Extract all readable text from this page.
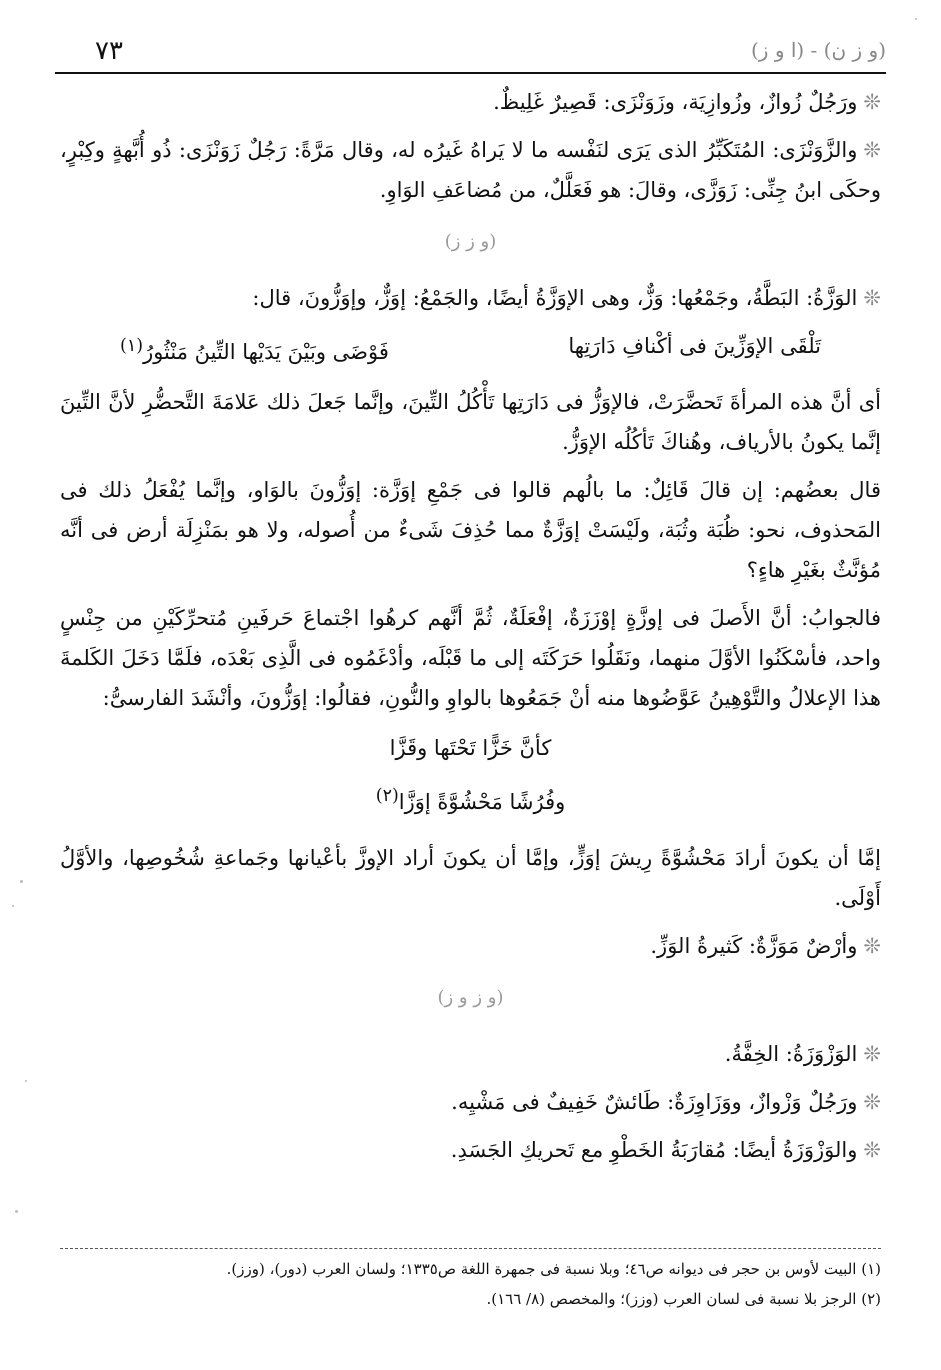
٧٣	(ا و ز) - (و ز ن)

❊ورَجُلٌ زُوازٌ، وزُوازِيَة، وزَوَنْزَى: قَصِيرٌ غَلِيظٌ.

❊والزَّوَنْزَى: المُتَكَبِّرُ الذى يَرَى لنَفْسه ما لا يَراهُ غَيرُه له، وقال مَرَّةً: رَجُلٌ زَوَنْزَى: ذُو أُبَّهةٍ وكِبْرٍ، وحكَى ابنُ جِنِّى: زَوَزَّى، وقالَ: هو فَعَلَّلٌ، من مُضاعَفِ الوَاوِ.

(و ز ز)

❊الوَزَّةُ: البَطَّةُ، وجَمْعُها: وَزٌّ، وهى الإوَزَّةُ أيضًا، والجَمْعُ: إوَزٌّ، وإوَزُّونَ، قال:

تَلْقَى الإوَزِّينَ فى أكْنافِ دَارَتِها
فَوْضَى وبَيْنَ يَدَيْها التِّينُ مَنْثُورُ$^{(١)}$

أى أنَّ هذه المرأةَ تَحضَّرَتْ، فالإوَزُّ فى دَارَتِها تَأْكُلُ التِّينَ، وإنَّما جَعلَ ذلك عَلامَةَ التَّحضُّرِ لأنَّ التِّينَ إنَّما يكونُ بالأرياف، وهُناكَ تَأكُلُه الإوَزُّ.

قال بعضُهم: إن قالَ قَائِلٌ: ما بالُهم قالوا فى جَمْعِ إوَزَّة: إوَزُّونَ بالوَاو، وإنَّما يُفْعَلُ ذلك فى المَحذوف، نحو: ظُبَة وثُبَة، ولَيْسَتْ إوَزَّةٌ مما حُذِفَ شَىءٌ من أُصوله، ولا هو بمَنْزِلَة أرض فى أنَّه مُؤنَّثٌ بغَيْرِ هاءٍ؟

فالجوابُ: أنَّ الأَصلَ فى إوزَّةٍ إوْزَزَةٌ، إفْعَلَةٌ، ثُمَّ أنَّهم كرهُوا اجْتماعَ حَرفَينِ مُتحرِّكَيْنِ من جِنْسٍ واحد، فأسْكَنُوا الأوَّلَ منهما، ونَقَلُوا حَرَكَتَه إلى ما قَبْلَه، وأدْغَمُوه فى الَّذِى بَعْدَه، فلَمَّا دَخَلَ الكَلمةَ هذا الإعلالُ والتَّوْهِينُ عَوَّضُوها منه أنْ جَمَعُوها بالواوِ والنُّونِ، فقالُوا: إوَزُّونَ، وأنْشَدَ الفارسىُّ:

كأنَّ خَزًّا تَحْتَها وقَزَّا

وفُرُشًا مَحْشُوَّةً إوَزَّا$^{(٢)}$

إمَّا أن يكونَ أرادَ مَحْشُوَّةً رِيشَ إوَزٍّ، وإمَّا أن يكونَ أراد الإوزَّ بأعْيانها وجَماعةِ شُخُوصِها، والأوَّلُ أَوْلَى.

❊وأرْضٌ مَوَزَّةٌ: كَثيرةُ الوَزِّ.

(و ز و ز)

❊الوَزْوَزَةُ: الخِفَّةُ.

❊ورَجُلٌ وَزْوازٌ، ووَزَاوِزَةٌ: طَائشٌ خَفِيفٌ فى مَشْيِه.

❊والوَزْوَزَةُ أيضًا: مُقارَبَةُ الخَطْوِ مع تَحريكِ الجَسَدِ.

(١) البيت لأوس بن حجر فى ديوانه ص٤٦؛ وبلا نسبة فى جمهرة اللغة ص١٣٣٥؛ ولسان العرب (دور)، (وزز).

(٢) الرجز بلا نسبة فى لسان العرب (وزز)؛ والمخصص (٨/ ١٦٦).
